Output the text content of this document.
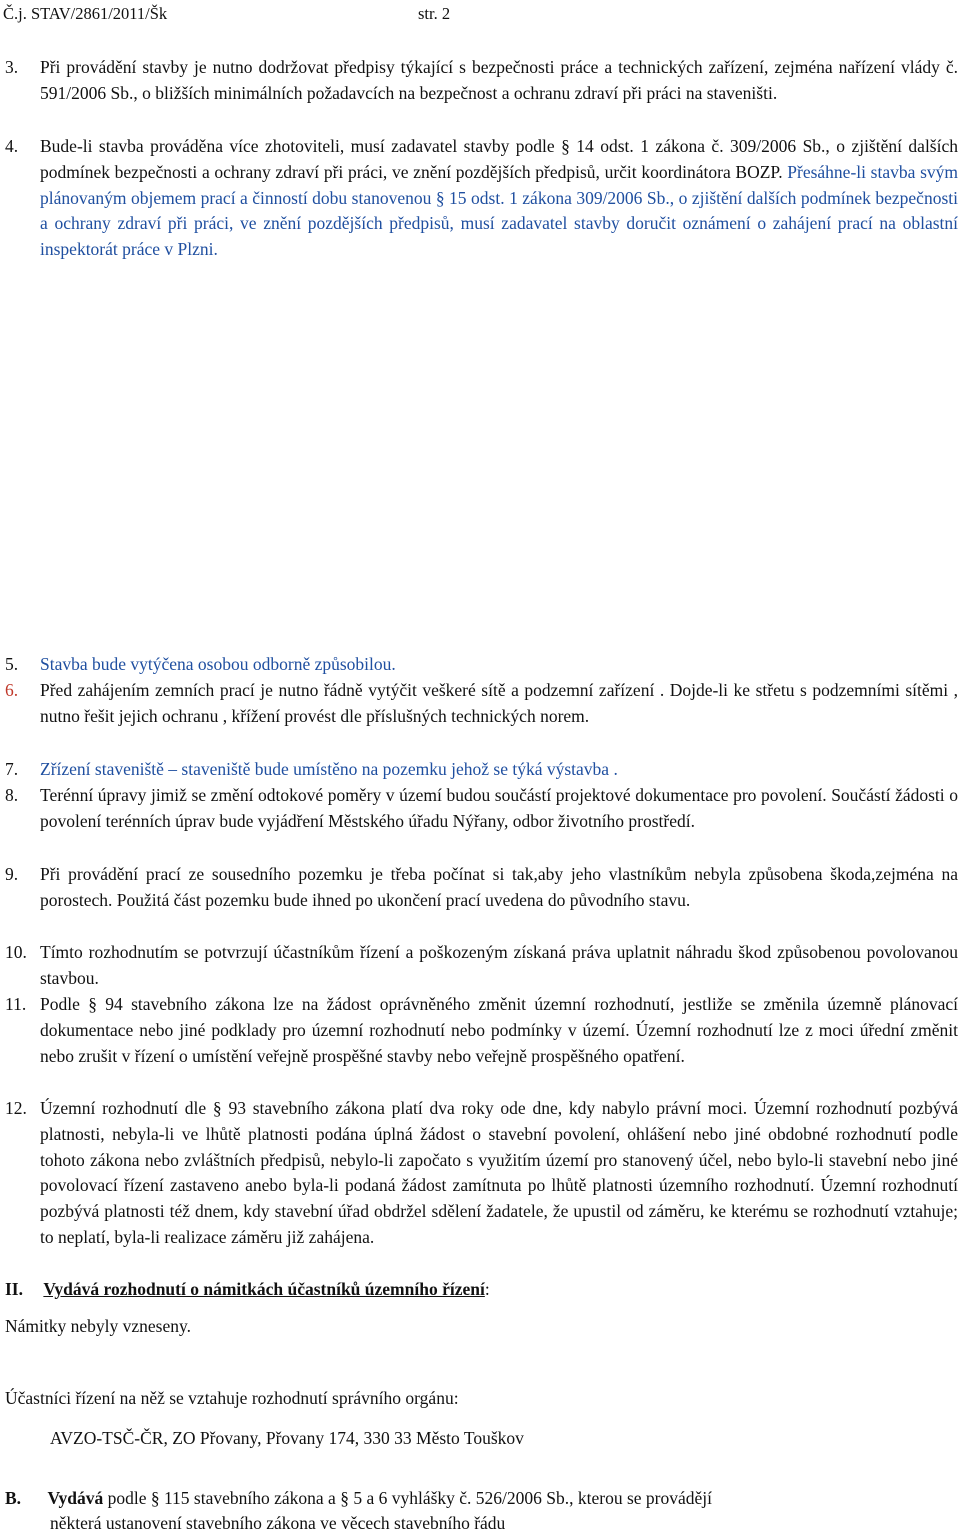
Č.j. STAV/2861/2011/Šk	str. 2
3. Při provádění stavby je nutno dodržovat předpisy týkající s bezpečnosti práce a technických zařízení, zejména nařízení vlády č. 591/2006 Sb., o bližších minimálních požadavcích na bezpečnost a ochranu zdraví při práci na staveništi.
4. Bude-li stavba prováděna více zhotoviteli, musí zadavatel stavby podle § 14 odst. 1 zákona č. 309/2006 Sb., o zjištění dalších podmínek bezpečnosti a ochrany zdraví při práci, ve znění pozdějších předpisů, určit koordinátora BOZP. Přesáhne-li stavba svým plánovaným objemem prací a činností dobu stanovenou § 15 odst. 1 zákona 309/2006 Sb., o zjištění dalších podmínek bezpečnosti a ochrany zdraví při práci, ve znění pozdějších předpisů, musí zadavatel stavby doručit oznámení o zahájení prací na oblastní inspektorát práce v Plzni.
5. Stavba bude vytýčena osobou odborně způsobilou.
6. Před zahájením zemních prací je nutno řádně vytýčit veškeré sítě a podzemní zařízení . Dojde-li ke střetu s podzemními sítěmi , nutno řešit jejich ochranu , křížení provést dle příslušných technických norem.
7. Zřízení staveniště – staveniště bude umístěno na pozemku jehož se týká výstavba .
8. Terénní úpravy jimiž se změní odtokové poměry v území budou součástí projektové dokumentace pro povolení. Součástí žádosti o povolení terénních úprav bude vyjádření Městského úřadu Nýřany, odbor životního prostředí.
9. Při provádění prací ze sousedního pozemku je třeba počínat si tak,aby jeho vlastníkům nebyla způsobena škoda,zejména na porostech. Použitá část pozemku bude ihned po ukončení prací uvedena do původního stavu.
10. Tímto rozhodnutím se potvrzují účastníkům řízení a poškozeným získaná práva uplatnit náhradu škod způsobenou povolovanou stavbou.
11. Podle § 94 stavebního zákona lze na žádost oprávněného změnit územní rozhodnutí, jestliže se změnila územně plánovací dokumentace nebo jiné podklady pro územní rozhodnutí nebo podmínky v území. Územní rozhodnutí lze z moci úřední změnit nebo zrušit v řízení o umístění veřejně prospěšné stavby nebo veřejně prospěšného opatření.
12. Územní rozhodnutí dle § 93 stavebního zákona platí dva roky ode dne, kdy nabylo právní moci. Územní rozhodnutí pozbývá platnosti, nebyla-li ve lhůtě platnosti podána úplná žádost o stavební povolení, ohlášení nebo jiné obdobné rozhodnutí podle tohoto zákona nebo zvláštních předpisů, nebylo-li započato s využitím území pro stanovený účel, nebo bylo-li stavební nebo jiné povolovací řízení zastaveno anebo byla-li podaná žádost zamítnuta po lhůtě platnosti územního rozhodnutí. Územní rozhodnutí pozbývá platnosti též dnem, kdy stavební úřad obdržel sdělení žadatele, že upustil od záměru, ke kterému se rozhodnutí vztahuje; to neplatí, byla-li realizace záměru již zahájena.
II. Vydává rozhodnutí o námitkách účastníků územního řízení:
Námitky nebyly vzneseny.
Účastníci řízení na něž se vztahuje rozhodnutí správního orgánu:
AVZO-TSČ-ČR, ZO Přovany, Přovany 174, 330 33 Město Touškov
B. Vydává podle § 115 stavebního zákona a § 5 a 6 vyhlášky č. 526/2006 Sb., kterou se provádějí
některá ustanovení stavebního zákona ve věcech stavebního řádu
